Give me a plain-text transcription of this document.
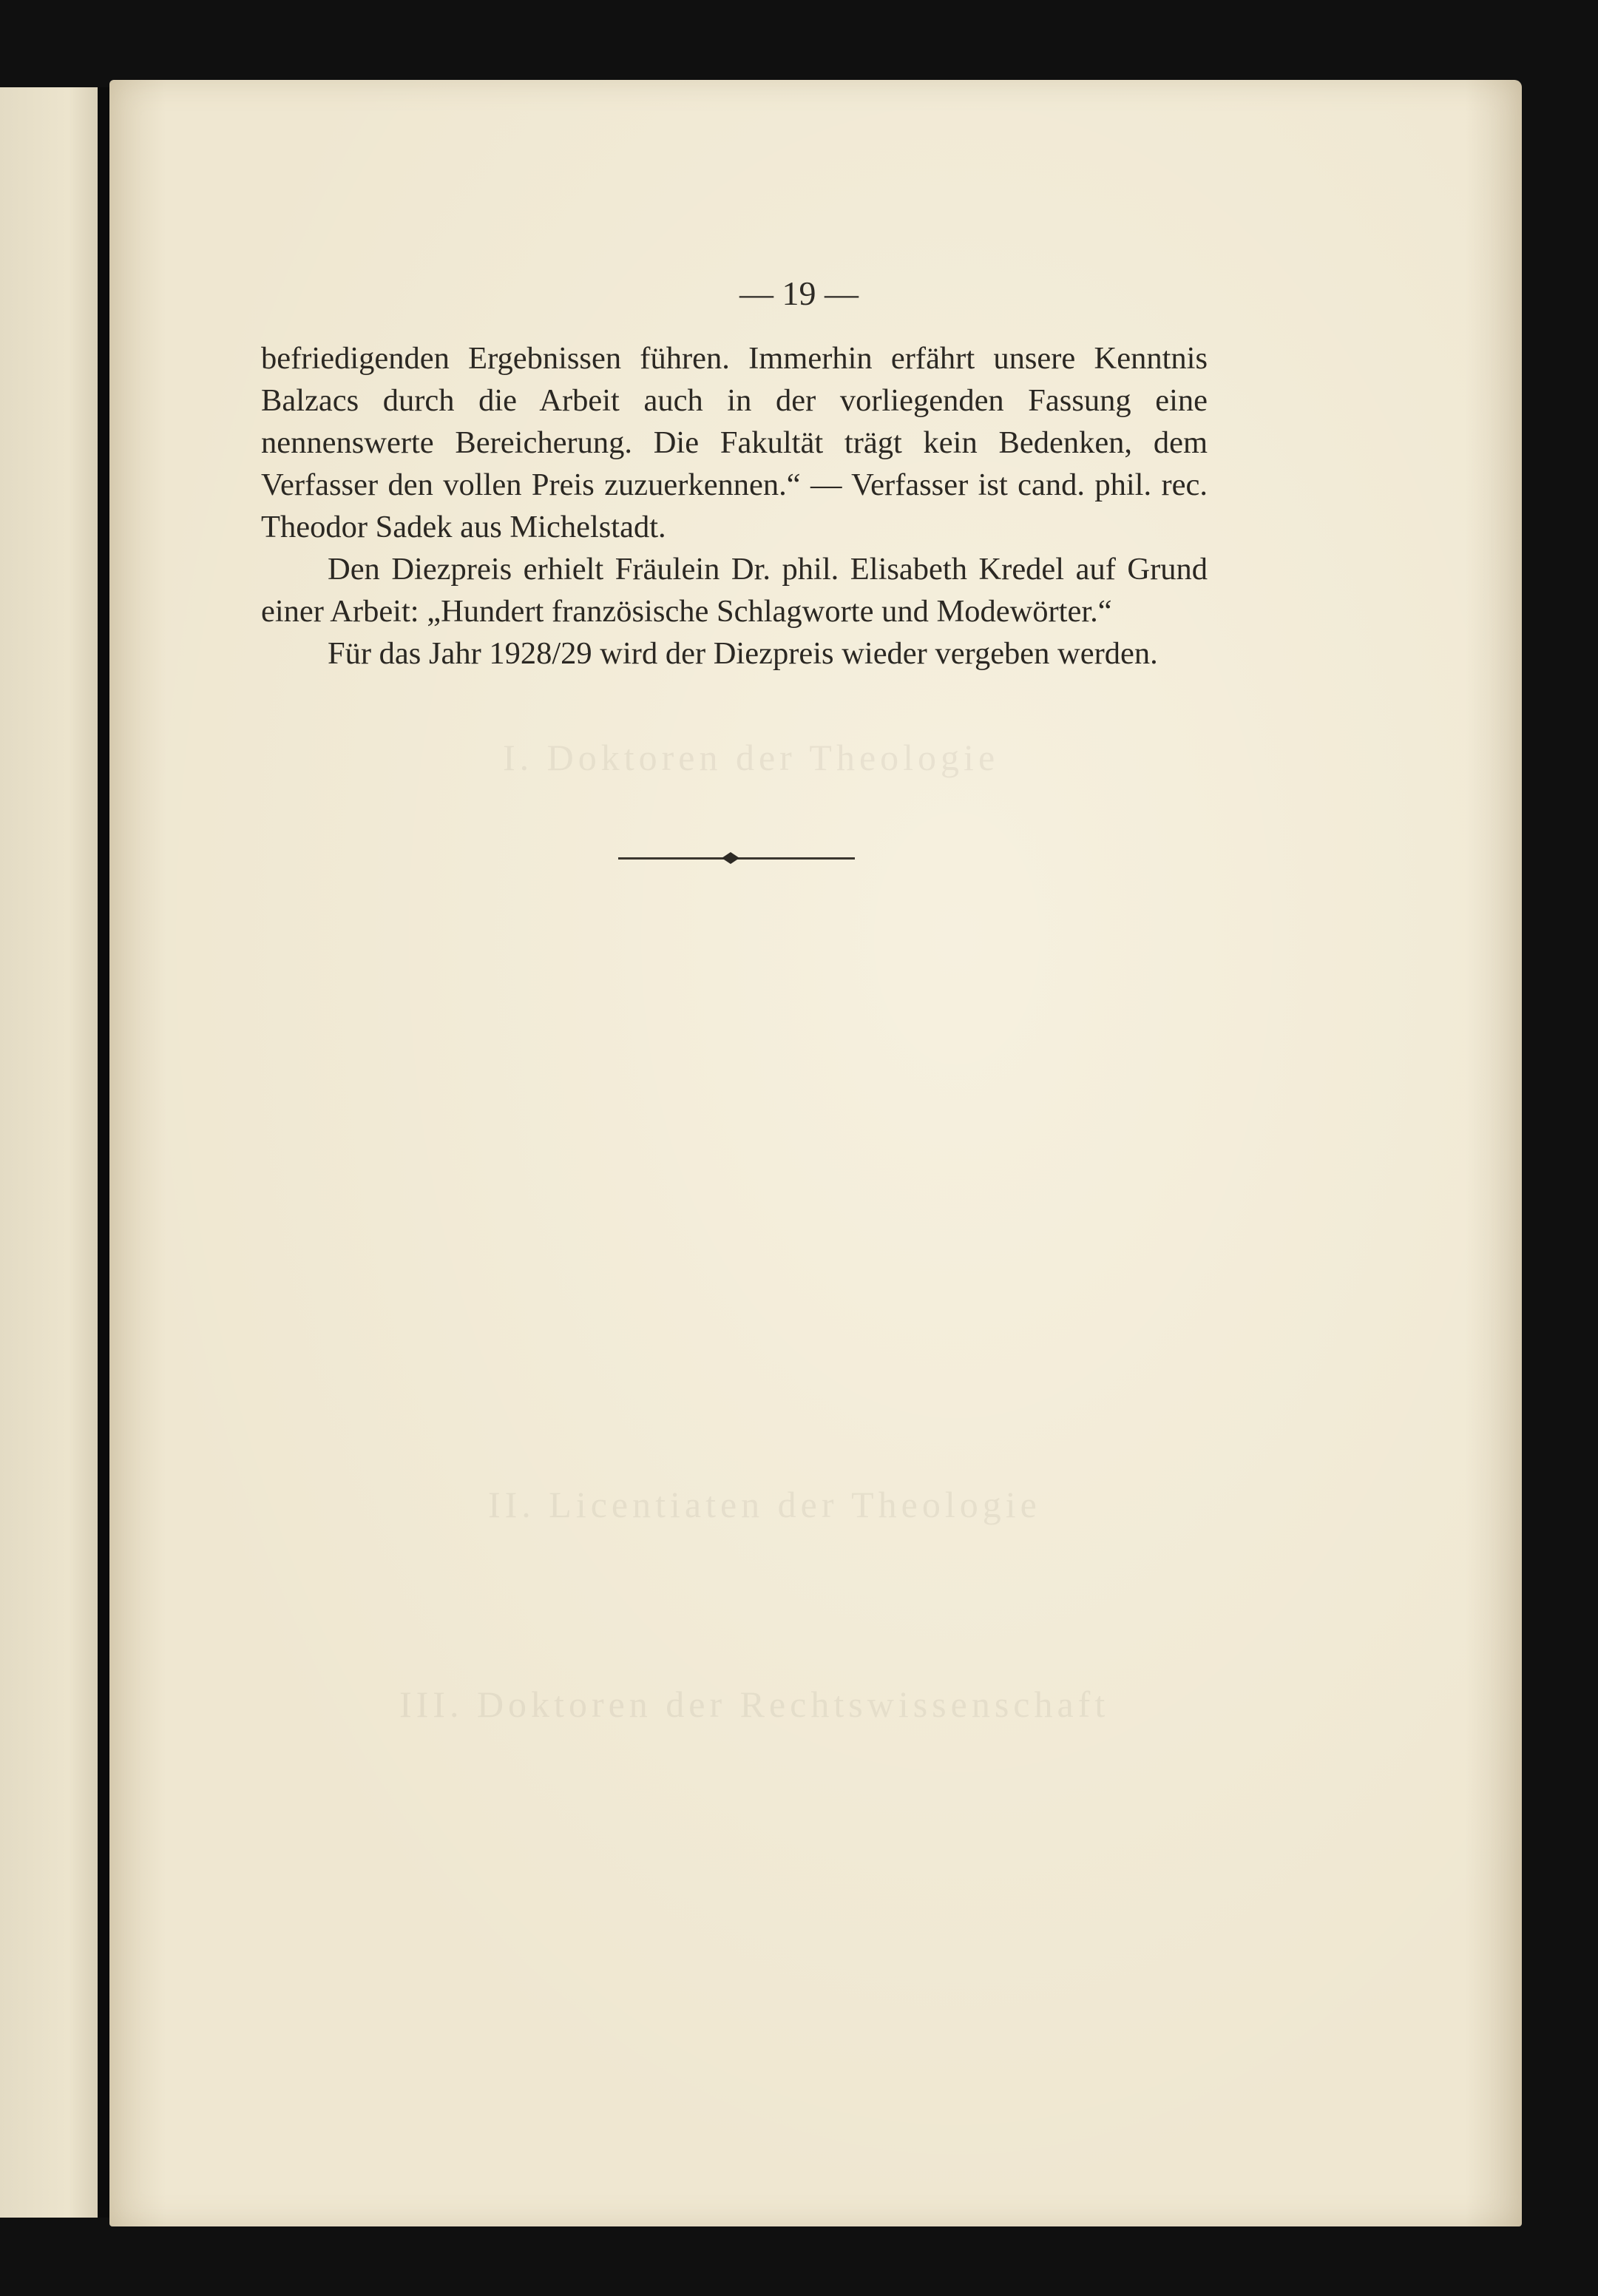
I. Doktoren der Theologie
II. Licentiaten der Theologie
III. Doktoren der Rechtswissenschaft
— 19 —

befriedigenden Ergebnissen führen. Immerhin erfährt unsere Kenntnis Balzacs durch die Arbeit auch in der vorliegenden Fassung eine nennenswerte Bereicherung. Die Fakultät trägt kein Bedenken, dem Verfasser den vollen Preis zuzuerkennen.“ — Verfasser ist cand. phil. rec. Theodor Sadek aus Michelstadt.

Den Diezpreis erhielt Fräulein Dr. phil. Elisabeth Kredel auf Grund einer Arbeit: „Hundert französische Schlagworte und Modewörter.“

Für das Jahr 1928/29 wird der Diezpreis wieder vergeben werden.
